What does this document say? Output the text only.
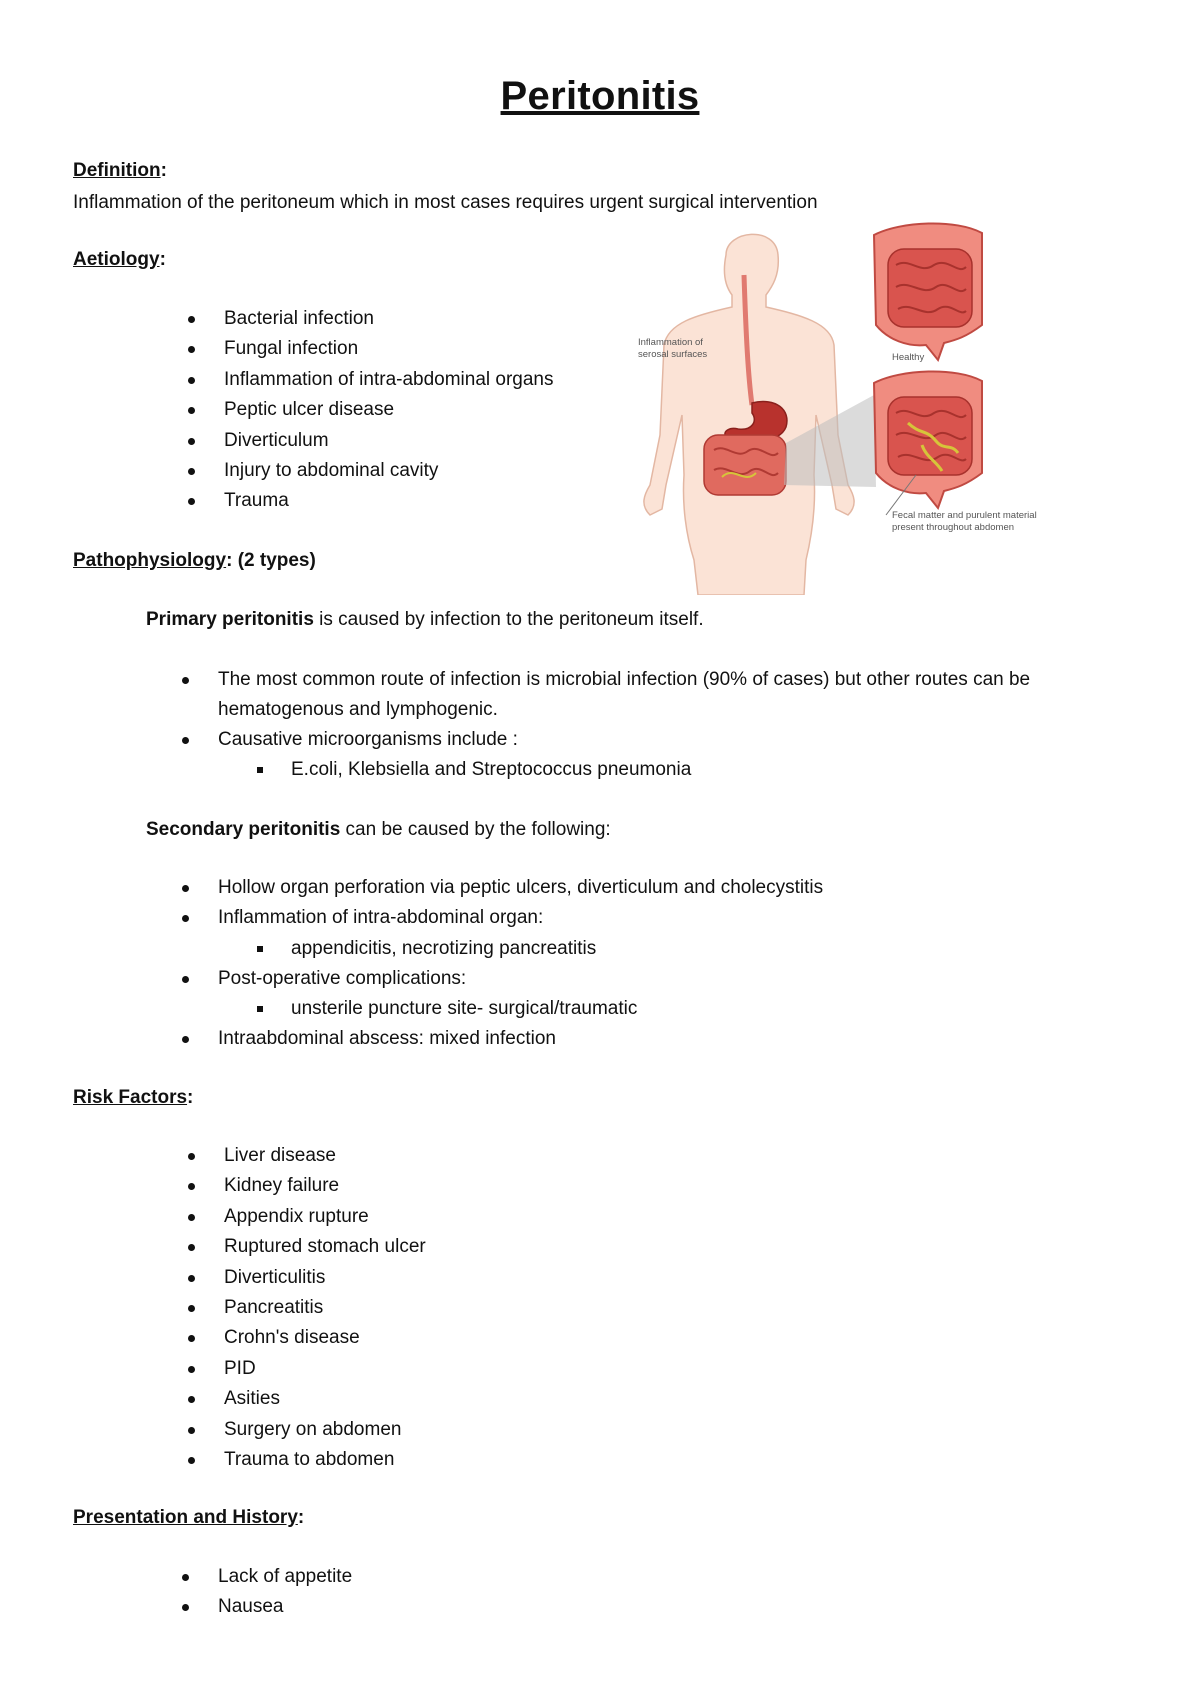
Peritonitis
Definition:
Inflammation of the peritoneum which in most cases requires urgent surgical intervention
Aetiology:
Bacterial infection
Fungal infection
Inflammation of intra-abdominal organs
Peptic ulcer disease
Diverticulum
Injury to abdominal cavity
Trauma
Inflammation of
serosal surfaces	Healthy
Fecal matter and purulent material
present throughout abdomen
Pathophysiology: (2 types)
Primary peritonitis is caused by infection to the peritoneum itself.
The most common route of infection is microbial infection (90% of cases) but other routes can be hematogenous and lymphogenic.
Causative microorganisms include :
E.coli, Klebsiella and Streptococcus pneumonia
Secondary peritonitis can be caused by the following:
Hollow organ perforation via peptic ulcers, diverticulum and cholecystitis
Inflammation of intra-abdominal organ:
appendicitis, necrotizing pancreatitis
Post-operative complications:
unsterile puncture site- surgical/traumatic
Intraabdominal abscess: mixed infection
Risk Factors:
Liver disease
Kidney failure
Appendix rupture
Ruptured stomach ulcer
Diverticulitis
Pancreatitis
Crohn's disease
PID
Asities
Surgery on abdomen
Trauma to abdomen
Presentation and History:
Lack of appetite
Nausea
